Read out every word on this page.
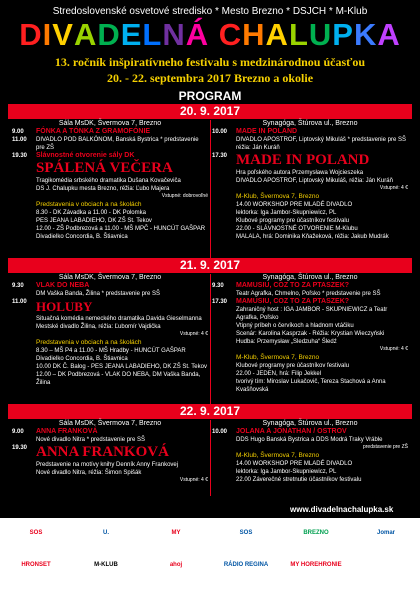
Stredoslovenské osvetové stredisko * Mesto Brezno * DSJCH * M-Klub
DIVADELNÁ CHALUPKA
13. ročník inšpiratívneho festivalu s medzinárodnou účasťou
20. - 22. septembra 2017 Brezno a okolie
PROGRAM
20. 9. 2017
Sála MsDK, Švermova 7, Brezno
9.00 FÓNKA A TÓNKA Z GRAMOFÓNIE
11.00 DIVADLO POD BALKÓNOM, Banská Bystrica * predstavenie pre ZŠ
19.30 Slávnostné otvorenie sály DK
SPÁLENÁ VEČERA
Tragikomédia srbského dramatika Dušana Kovačeviča
DS J. Chalupku mesta Brezno, réžia: Ľubo Majera
Vstupné: dobrovoľné
Predstavenia v obciach a na školách
8.30 - DK Závadka a 11.00 - DK Polomka
PES JEANA LABADIEHO, DK ZŠ St. Tekov
12.00 - ZŠ Podbrezová a 11.00 - MŠ MPČ - HUNCÚT GAŠPAR
Divadielko Concordia, B. Štiavnica
Synagóga, Štúrova ul., Brezno
10.00 MADE IN POLAND
DIVADLO APOSTROF, Liptovský Mikuláš * predstavenie pre SŠ
réžia: Ján Kuráň
17.30 MADE IN POLAND
Hra poľského autora Przemysława Wojcieszeka
DIVADLO APOSTROF, Liptovský Mikuláš, réžia: Ján Kuráň
Vstupné: 4 €
M-Klub, Švermova 7, Brezno
14.00 WORKSHOP PRE MLADÉ DIVADLO
lektorka: Iga Jambor-Skupniewicz, PL
Klubové programy pre účastníkov festivalu
22.00 - SLÁVNOSTNÉ OTVORENIE M-Klubu
MALALA, hrá: Dominika Kňažeková, réžia: Jakub Mudrák
21. 9. 2017
Sála MsDK, Švermova 7, Brezno
9.30 VLAK DO NEBA
DM Vaška Banda, Žilina * predstavenie pre SŠ
11.00 HOLUBY
Situačná komédia nemeckého dramatika Davida Gieselmanna
Mestské divadlo Žilina, réžia: Ľubomír Vajdička
Vstupné: 4 €
Predstavenia v obciach a na školách
8.30 – MŠ P4 a 11.00 - MŠ Hradby - HUNCÚT GAŠPAR
Divadielko Concordia, B. Štiavnica
10.00 DK Č. Balog - PES JEANA LABADIEHO, DK ZŠ St. Tekov
12.00 – DK Podbrezová - VLAK DO NEBA, DM Vaška Banda, Žilina
Synagóga, Štúrova ul., Brezno
9.30 MAMUSIU, COZ TO ZA PTASZEK?
Teatr Agrafka, Chmelno, Poľsko * predstavenie pre SŠ
17.30 MAMUSIU, COZ TO ZA PTASZEK?
Zahraničný host : IGA JAMBOR - SKUPNIEWICZ a Teatr Agrafka, Poľsko
Vtipný príbeh o červíkoch a hladnom vtáčiku
Scenár: Karolina Kasprzak - Réžia: Krystian Wieczyński
Hudba: Przemysław „Sledzuha“ Śledź
Vstupné: 4 €
M-Klub, Švermova 7, Brezno
Klubové programy pre účastníkov festivalu
22.00 - JEDEN, hrá: Filip Jekkel
tvorivý tím: Miroslav Lukačovič, Tereza Stachová a Anna Kvašňovská
22. 9. 2017
Sála MsDK, Švermova 7, Brezno
9.00 ANNA FRANKOVÁ
Nové divadlo Nitra * predstavenie pre SŠ
19.30 ANNA FRANKOVÁ
Predstavenie na motívy knihy Denník Anny Frankovej
Nové divadlo Nitra, réžia: Šimon Spišák
Vstupné: 4 €
Synagóga, Štúrova ul., Brezno
10.00 JOLANA A JONATHAN / OSTROV
DDS Hugo Banská Bystrica a DDS Modrá Traky Vráble
predstavenie pre ZŠ
M-Klub, Švermova 7, Brezno
14.00 WORKSHOP PRE MLADÉ DIVADLO
lektorka: Iga Jambor-Skupniewicz, PL
22.00 Záverečné stretnutie účastníkov festivalu
www.divadelnachalupka.sk
SOS	U.	MY	SOS	BREZNO	Jomar
HRONSET	M-KLUB	ahoj	RÁDIO REGINA	MY HOREHRONIE
